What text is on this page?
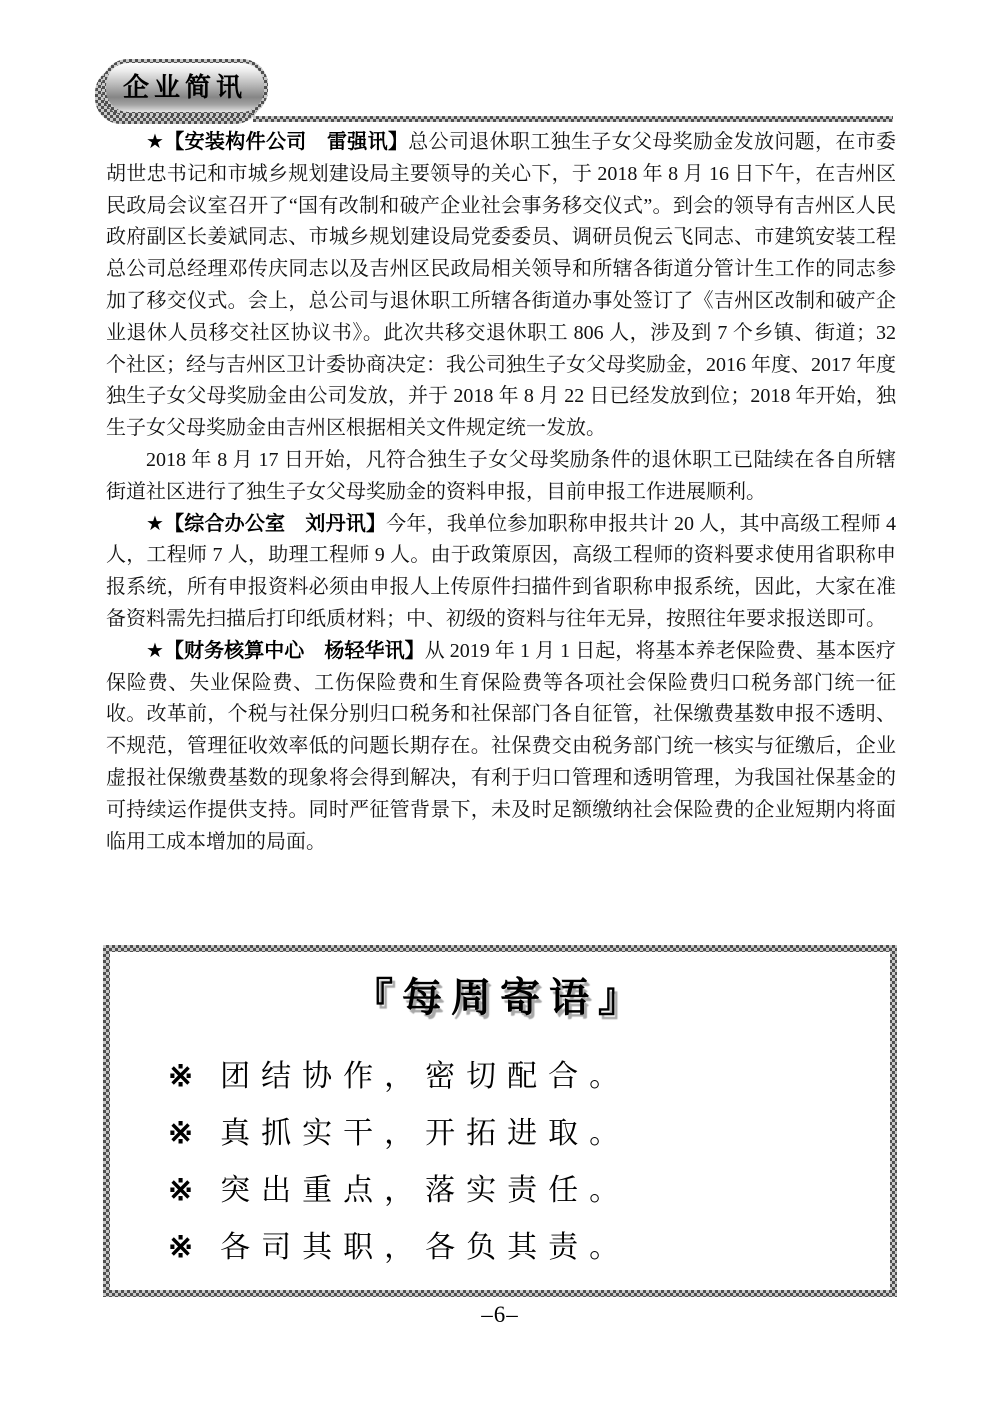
企业简讯

★【安装构件公司　雷强讯】总公司退休职工独生子女父母奖励金发放问题，在市委胡世忠书记和市城乡规划建设局主要领导的关心下，于 2018 年 8 月 16 日下午，在吉州区民政局会议室召开了“国有改制和破产企业社会事务移交仪式”。到会的领导有吉州区人民政府副区长姜斌同志、市城乡规划建设局党委委员、调研员倪云飞同志、市建筑安装工程总公司总经理邓传庆同志以及吉州区民政局相关领导和所辖各街道分管计生工作的同志参加了移交仪式。会上，总公司与退休职工所辖各街道办事处签订了《吉州区改制和破产企业退休人员移交社区协议书》。此次共移交退休职工 806 人，涉及到 7 个乡镇、街道；32 个社区；经与吉州区卫计委协商决定：我公司独生子女父母奖励金，2016 年度、2017 年度独生子女父母奖励金由公司发放，并于 2018 年 8 月 22 日已经发放到位；2018 年开始，独生子女父母奖励金由吉州区根据相关文件规定统一发放。

2018 年 8 月 17 日开始，凡符合独生子女父母奖励条件的退休职工已陆续在各自所辖街道社区进行了独生子女父母奖励金的资料申报，目前申报工作进展顺利。

★【综合办公室　刘丹讯】今年，我单位参加职称申报共计 20 人，其中高级工程师 4 人，工程师 7 人，助理工程师 9 人。由于政策原因，高级工程师的资料要求使用省职称申报系统，所有申报资料必须由申报人上传原件扫描件到省职称申报系统，因此，大家在准备资料需先扫描后打印纸质材料；中、初级的资料与往年无异，按照往年要求报送即可。

★【财务核算中心　杨轻华讯】从 2019 年 1 月 1 日起，将基本养老保险费、基本医疗保险费、失业保险费、工伤保险费和生育保险费等各项社会保险费归口税务部门统一征收。改革前，个税与社保分别归口税务和社保部门各自征管，社保缴费基数申报不透明、不规范，管理征收效率低的问题长期存在。社保费交由税务部门统一核实与征缴后，企业虚报社保缴费基数的现象将会得到解决，有利于归口管理和透明管理，为我国社保基金的可持续运作提供支持。同时严征管背景下，未及时足额缴纳社会保险费的企业短期内将面临用工成本增加的局面。

『每周寄语』
※ 团结协作，密切配合。
※ 真抓实干，开拓进取。
※ 突出重点，落实责任。
※ 各司其职，各负其责。
–6–
